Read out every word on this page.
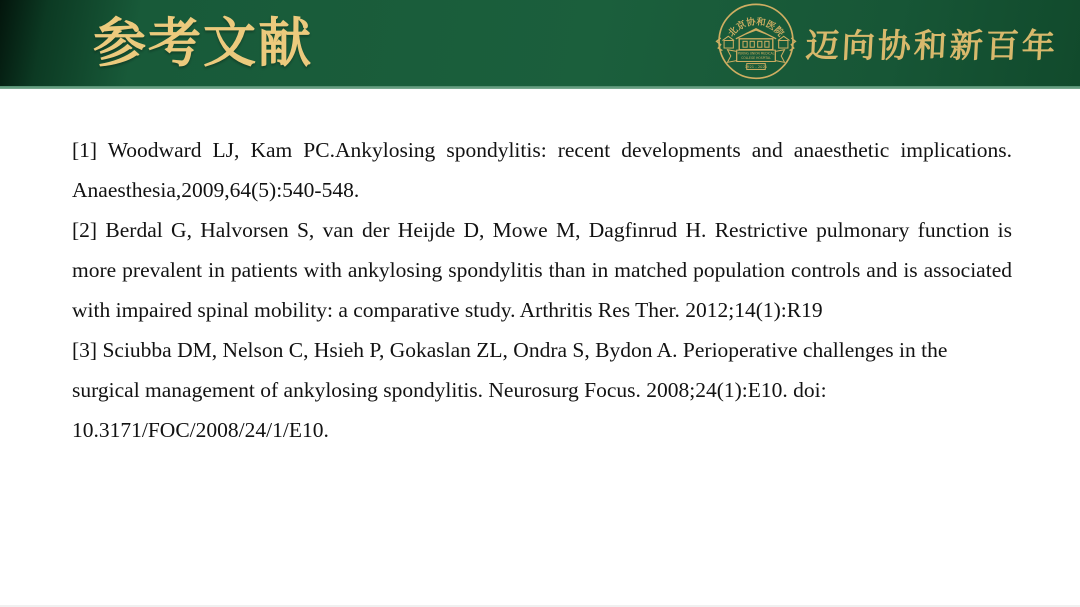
参考文献	北京协和医院
PEKING UNION MEDICAL
COLLEGE HOSPITAL
1921 - 2021
迈向协和新百年

[1] Woodward LJ, Kam PC.Ankylosing spondylitis: recent developments and anaesthetic implications. Anaesthesia,2009,64(5):540-548.

[2] Berdal G, Halvorsen S, van der Heijde D, Mowe M, Dagfinrud H. Restrictive pulmonary function is more prevalent in patients with ankylosing spondylitis than in matched population controls and is associated with impaired spinal mobility: a comparative study. Arthritis Res Ther. 2012;14(1):R19

[3] Sciubba DM, Nelson C, Hsieh P, Gokaslan ZL, Ondra S, Bydon A. Perioperative challenges in the surgical management of ankylosing spondylitis. Neurosurg Focus. 2008;24(1):E10. doi: 10.3171/FOC/2008/24/1/E10.
